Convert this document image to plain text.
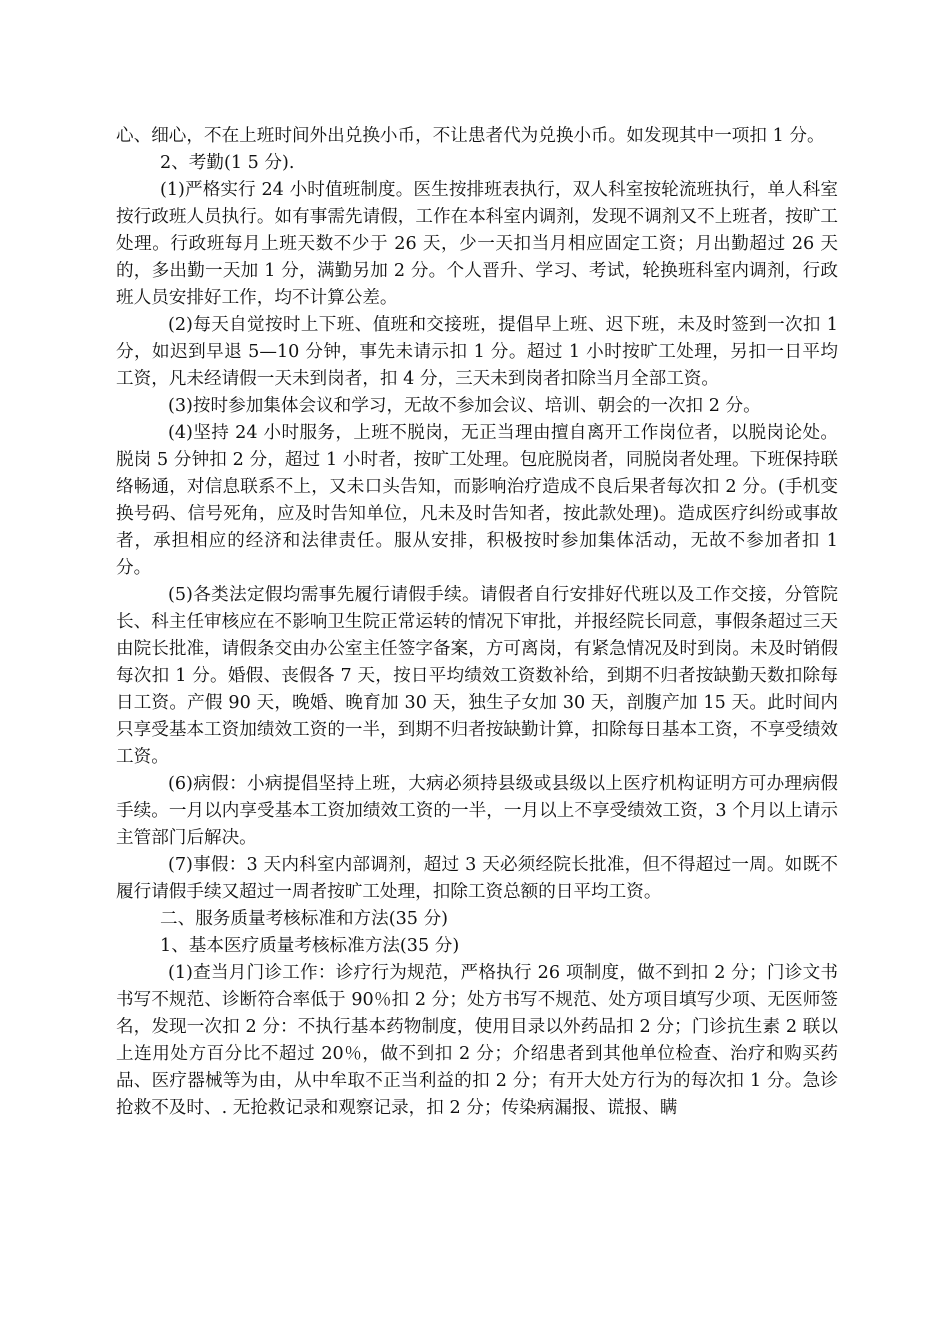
心、细心，不在上班时间外出兑换小币，不让患者代为兑换小币。如发现其中一项扣 1 分。

2、考勤(1 5 分).

(1)严格实行 24 小时值班制度。医生按排班表执行，双人科室按轮流班执行，单人科室按行政班人员执行。如有事需先请假，工作在本科室内调剂，发现不调剂又不上班者，按旷工处理。行政班每月上班天数不少于 26 天，少一天扣当月相应固定工资；月出勤超过 26 天的，多出勤一天加 1 分，满勤另加 2 分。个人晋升、学习、考试，轮换班科室内调剂，行政班人员安排好工作，均不计算公差。

(2)每天自觉按时上下班、值班和交接班，提倡早上班、迟下班，未及时签到一次扣 1 分，如迟到早退 5—10 分钟，事先未请示扣 1 分。超过 1 小时按旷工处理，另扣一日平均工资，凡未经请假一天未到岗者，扣 4 分，三天未到岗者扣除当月全部工资。

(3)按时参加集体会议和学习，无故不参加会议、培训、朝会的一次扣 2 分。

(4)坚持 24 小时服务，上班不脱岗，无正当理由擅自离开工作岗位者，以脱岗论处。脱岗 5 分钟扣 2 分，超过 1 小时者，按旷工处理。包庇脱岗者，同脱岗者处理。下班保持联络畅通，对信息联系不上，又未口头告知，而影响治疗造成不良后果者每次扣 2 分。(手机变换号码、信号死角，应及时告知单位，凡未及时告知者，按此款处理)。造成医疗纠纷或事故者，承担相应的经济和法律责任。服从安排，积极按时参加集体活动，无故不参加者扣 1 分。

(5)各类法定假均需事先履行请假手续。请假者自行安排好代班以及工作交接，分管院长、科主任审核应在不影响卫生院正常运转的情况下审批，并报经院长同意，事假条超过三天由院长批准，请假条交由办公室主任签字备案，方可离岗，有紧急情况及时到岗。未及时销假每次扣 1 分。婚假、丧假各 7 天，按日平均绩效工资数补给，到期不归者按缺勤天数扣除每日工资。产假 90 天，晚婚、晚育加 30 天，独生子女加 30 天，剖腹产加 15 天。此时间内只享受基本工资加绩效工资的一半，到期不归者按缺勤计算，扣除每日基本工资，不享受绩效工资。

(6)病假：小病提倡坚持上班，大病必须持县级或县级以上医疗机构证明方可办理病假手续。一月以内享受基本工资加绩效工资的一半，一月以上不享受绩效工资，3 个月以上请示主管部门后解决。

(7)事假：3 天内科室内部调剂，超过 3 天必须经院长批准，但不得超过一周。如既不履行请假手续又超过一周者按旷工处理，扣除工资总额的日平均工资。

二、服务质量考核标准和方法(35 分)

1、基本医疗质量考核标准方法(35 分)

(1)查当月门诊工作：诊疗行为规范，严格执行 26 项制度，做不到扣 2 分；门诊文书书写不规范、诊断符合率低于 90％扣 2 分；处方书写不规范、处方项目填写少项、无医师签名，发现一次扣 2 分：不执行基本药物制度，使用目录以外药品扣 2 分；门诊抗生素 2 联以上连用处方百分比不超过 20％，做不到扣 2 分；介绍患者到其他单位检查、治疗和购买药品、医疗器械等为由，从中牟取不正当利益的扣 2 分；有开大处方行为的每次扣 1 分。急诊抢救不及时、. 无抢救记录和观察记录，扣 2 分；传染病漏报、谎报、瞒
